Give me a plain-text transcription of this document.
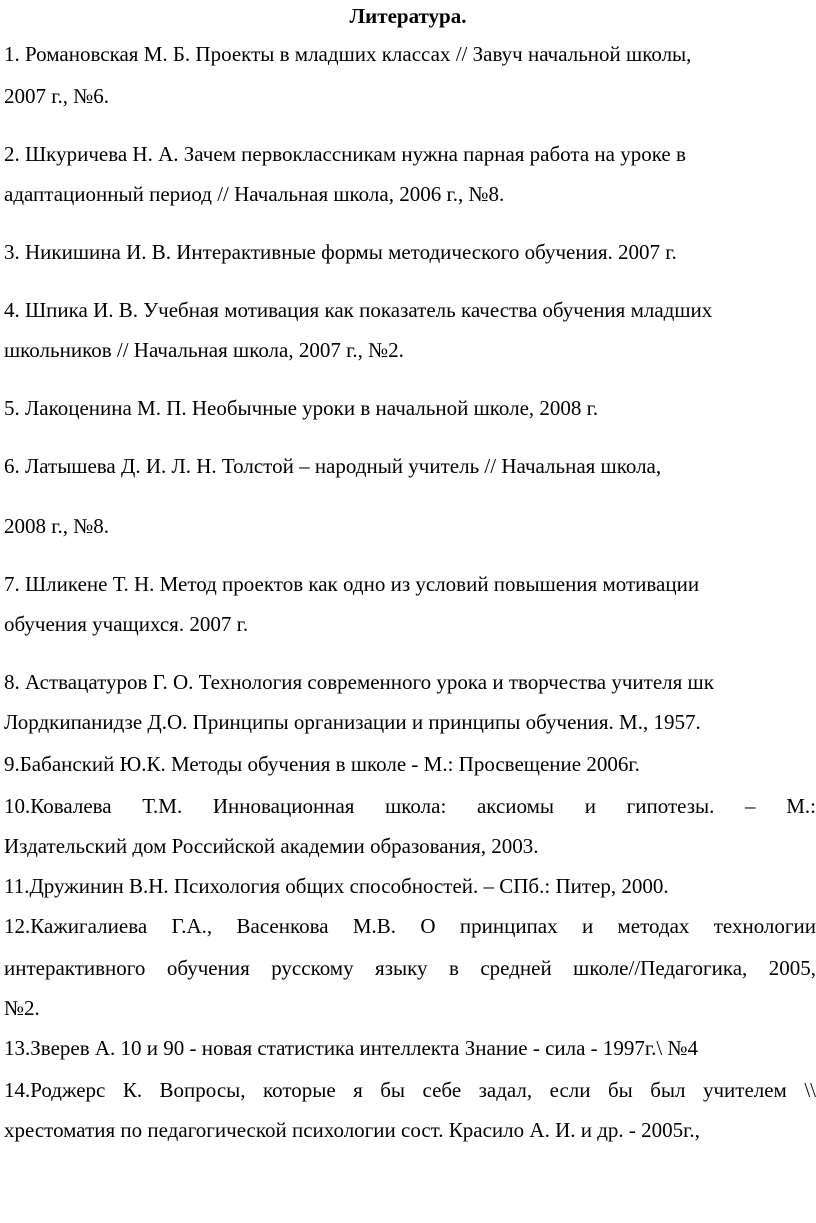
Литература.
1. Романовская М. Б. Проекты в младших классах // Завуч начальной школы,
2007 г., №6.
2. Шкуричева Н. А. Зачем первоклассникам нужна парная работа на уроке в
адаптационный период // Начальная школа, 2006 г., №8.
3. Никишина И. В. Интерактивные формы методического обучения. 2007 г.
4. Шпика И. В. Учебная мотивация как показатель качества обучения младших
школьников // Начальная школа, 2007 г., №2.
5. Лакоценина М. П. Необычные уроки в начальной школе, 2008 г.
6. Латышева Д. И. Л. Н. Толстой – народный учитель // Начальная школа,
2008 г., №8.
7. Шликене Т. Н. Метод проектов как одно из условий повышения мотивации
обучения учащихся. 2007 г.
8. Аствацатуров Г. О. Технология современного урока и творчества учителя шк
Лордкипанидзе Д.О. Принципы организации и принципы обучения. М., 1957.
9.Бабанский Ю.К. Методы обучения в школе - М.: Просвещение 2006г.
10.Ковалева Т.М. Инновационная школа: аксиомы и гипотезы. – М.:
Издательский дом Российской академии образования, 2003.
11.Дружинин В.Н. Психология общих способностей. – СПб.: Питер, 2000.
12.Кажигалиева Г.А., Васенкова М.В. О принципах и методах технологии
интерактивного обучения русскому языку в средней школе//Педагогика, 2005,
№2.
13.Зверев А. 10 и 90 - новая статистика интеллекта Знание - сила - 1997г.\ №4
14.Роджерс К. Вопросы, которые я бы себе задал, если бы был учителем \\
хрестоматия по педагогической психологии сост. Красило А. И. и др. - 2005г.,
